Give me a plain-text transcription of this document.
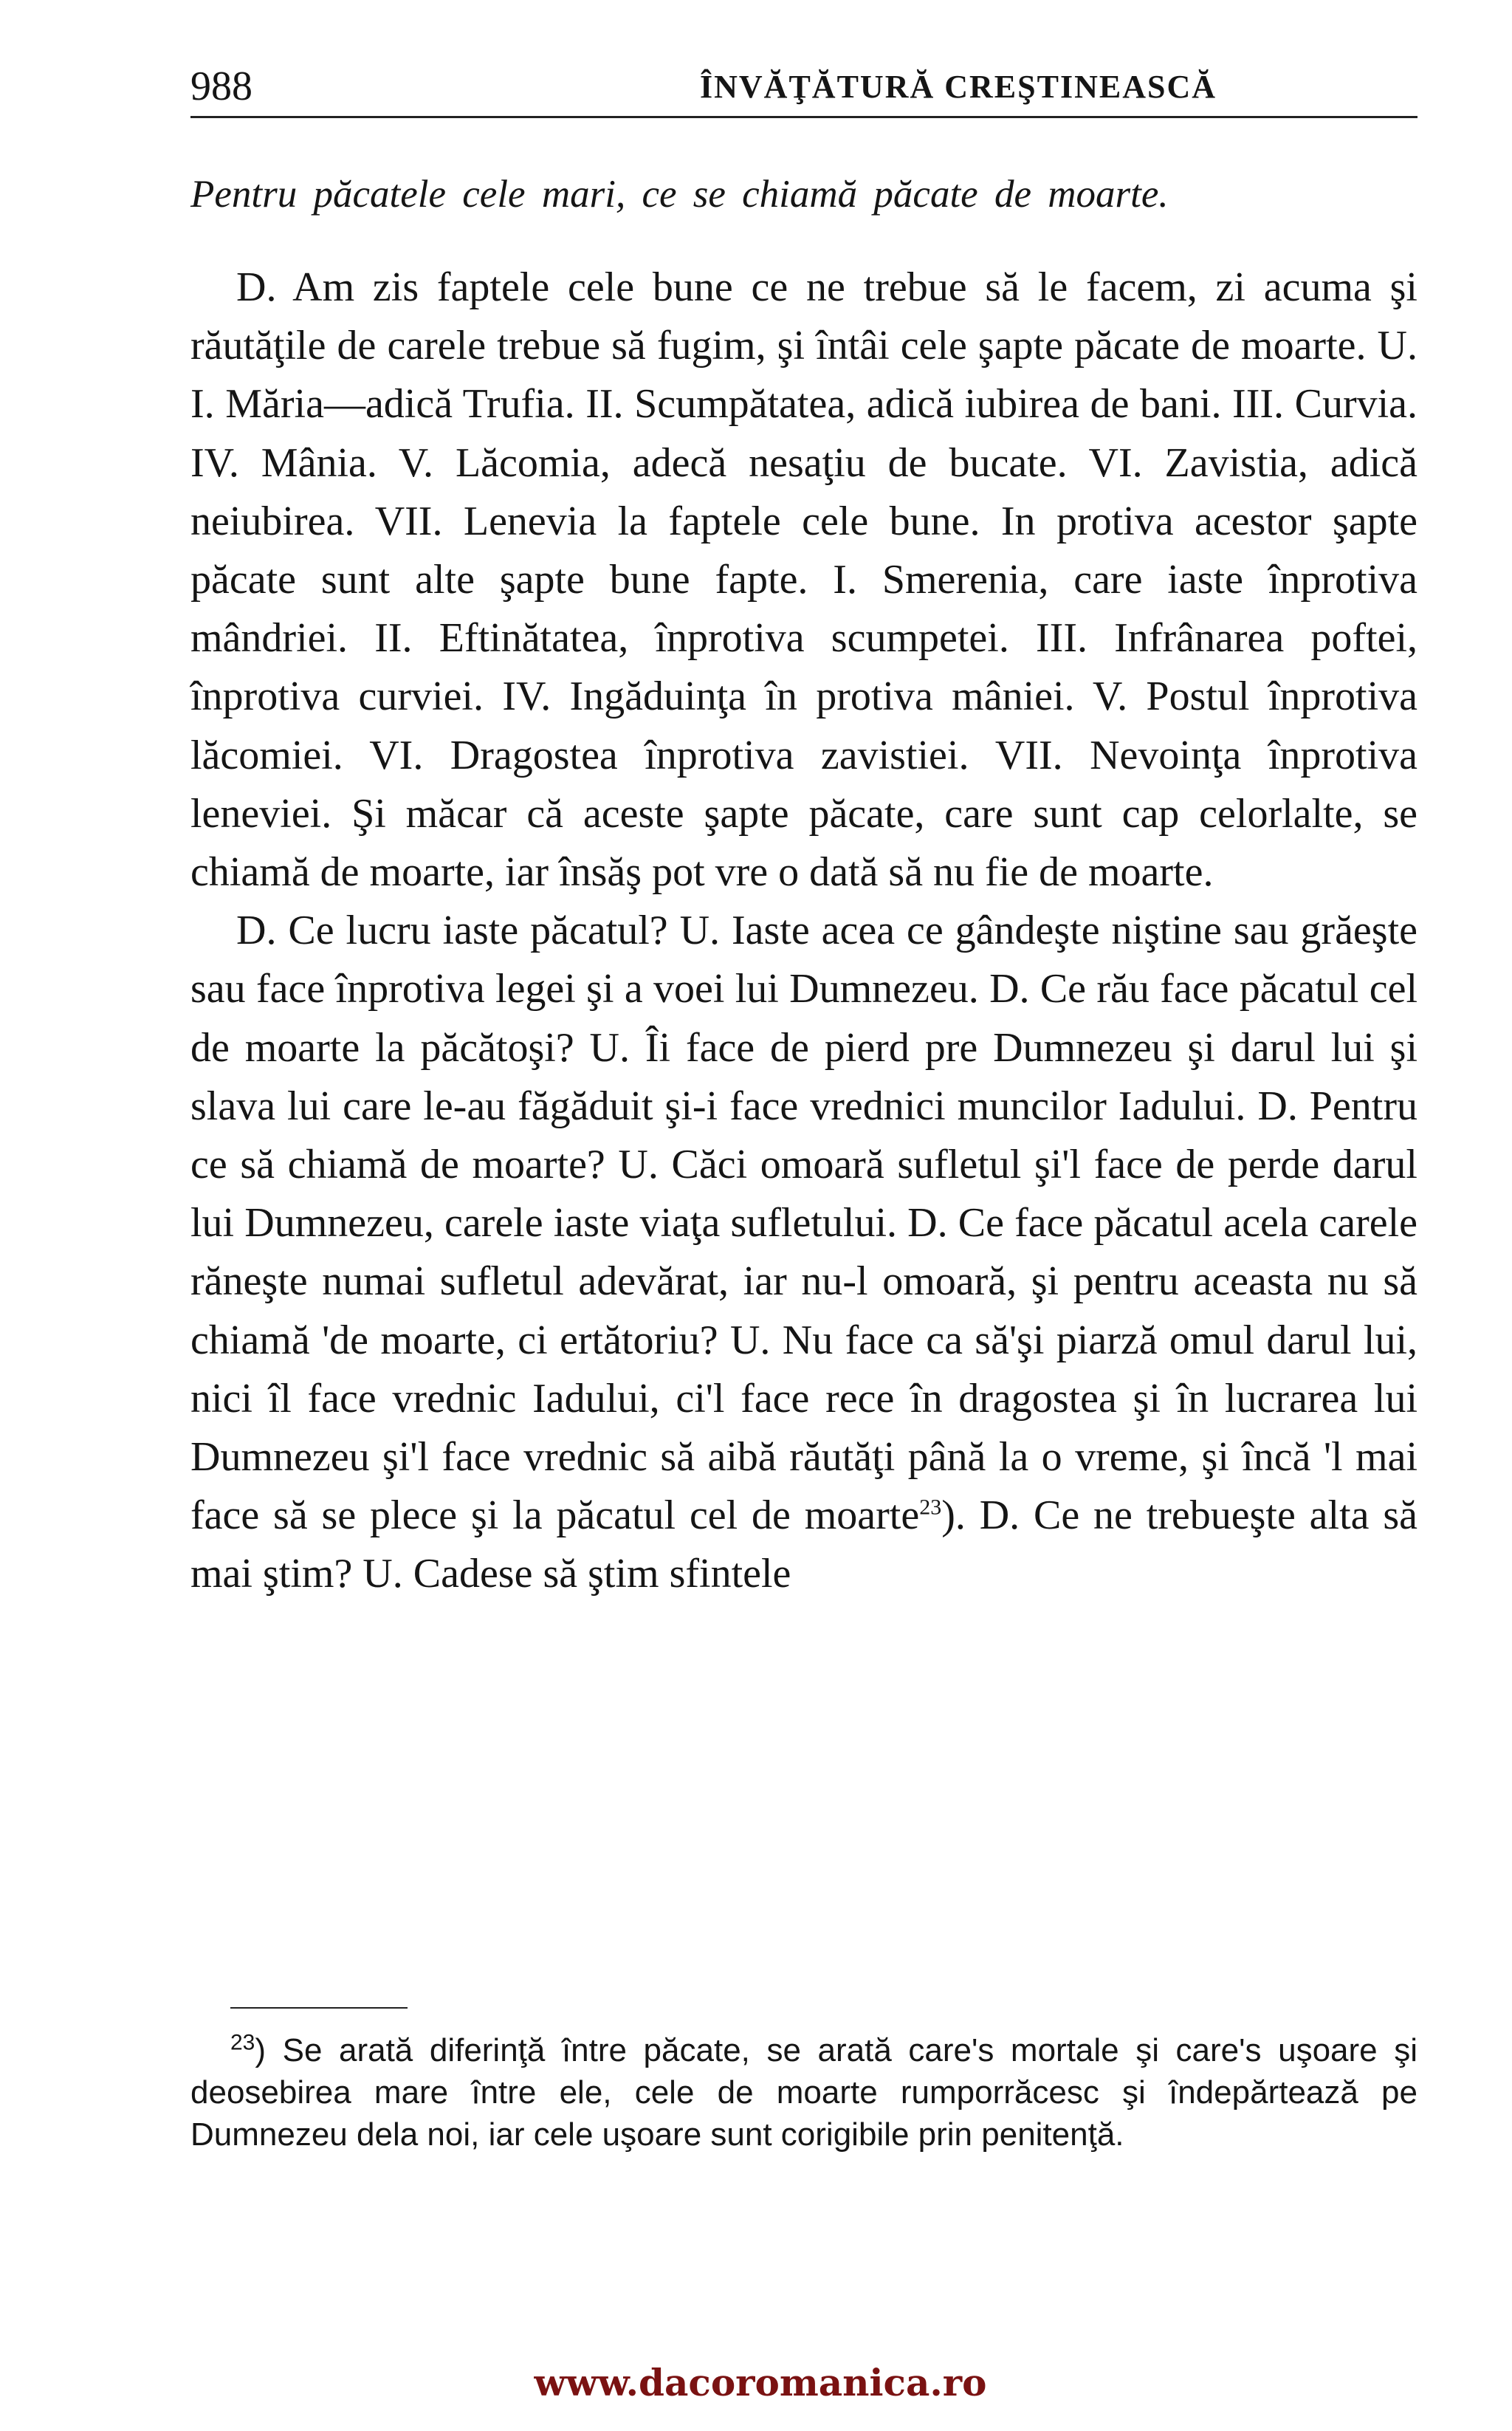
988	ÎNVĂŢĂTURĂ CREŞTINEASCĂ
Pentru păcatele cele mari, ce se chiamă păcate de moarte.

D. Am zis faptele cele bune ce ne trebue să le facem, zi acuma şi răutăţile de carele trebue să fugim, şi întâi cele şapte păcate de moarte. U. I. Măria—adică Trufia. II. Scumpătatea, adică iubirea de bani. III. Curvia. IV. Mânia. V. Lăcomia, adecă nesaţiu de bucate. VI. Zavistia, adică neiubirea. VII. Lenevia la faptele cele bune. In protiva acestor şapte păcate sunt alte şapte bune fapte. I. Smerenia, care iaste înprotiva mândriei. II. Eftinătatea, înprotiva scumpetei. III. Infrânarea poftei, înprotiva curviei. IV. Ingăduinţa în protiva mâniei. V. Postul înprotiva lăcomiei. VI. Dragostea înprotiva zavistiei. VII. Nevoinţa înprotiva leneviei. Şi măcar că aceste şapte păcate, care sunt cap celorlalte, se chiamă de moarte, iar însăş pot vre o dată să nu fie de moarte.

D. Ce lucru iaste păcatul? U. Iaste acea ce gândeşte niştine sau grăeşte sau face înprotiva legei şi a voei lui Dumnezeu. D. Ce rău face păcatul cel de moarte la păcătoşi? U. Îi face de pierd pre Dumnezeu şi darul lui şi slava lui care le-au făgăduit şi-i face vrednici muncilor Iadului. D. Pentru ce să chiamă de moarte? U. Căci omoară sufletul şi'l face de perde darul lui Dumnezeu, carele iaste viaţa sufletului. D. Ce face păcatul acela carele răneşte numai sufletul adevărat, iar nu-l omoară, şi pentru aceasta nu să chiamă 'de moarte, ci ertătoriu? U. Nu face ca să'şi piarză omul darul lui, nici îl face vrednic Iadului, ci'l face rece în dragostea şi în lucrarea lui Dumnezeu şi'l face vrednic să aibă răutăţi până la o vreme, şi încă 'l mai face să se plece şi la păcatul cel de moarte$^{23}$). D. Ce ne trebueşte alta să mai ştim? U. Cadese să ştim sfintele

$^{23}$) Se arată diferinţă între păcate, se arată care's mortale şi care's uşoare şi deosebirea mare între ele, cele de moarte rumporrăcesc şi îndepărtează pe Dumnezeu dela noi, iar cele uşoare sunt corigibile prin penitenţă.
www.dacoromanica.ro
